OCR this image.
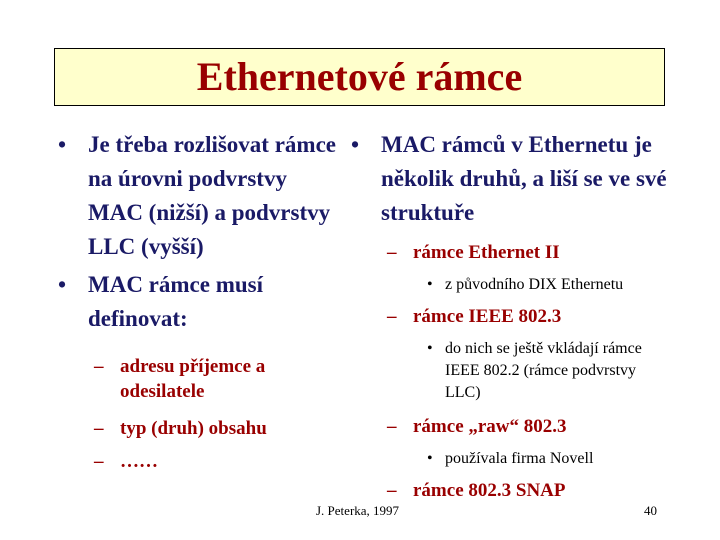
Ethernetové rámce
• Je třeba rozlišovat rámce na úrovni podvrstvy MAC (nižší) a podvrstvy LLC (vyšší)
• MAC rámce musí definovat:
– adresu příjemce a odesilatele
– typ (druh) obsahu
– ……
• MAC rámců v Ethernetu je několik druhů, a liší se ve své struktuře
– rámce Ethernet II
• z původního DIX Ethernetu
– rámce IEEE 802.3
• do nich se ještě vkládají rámce IEEE 802.2 (rámce podvrstvy LLC)
– rámce „raw“ 802.3
• používala firma Novell
– rámce 802.3 SNAP
J. Peterka, 1997	40
